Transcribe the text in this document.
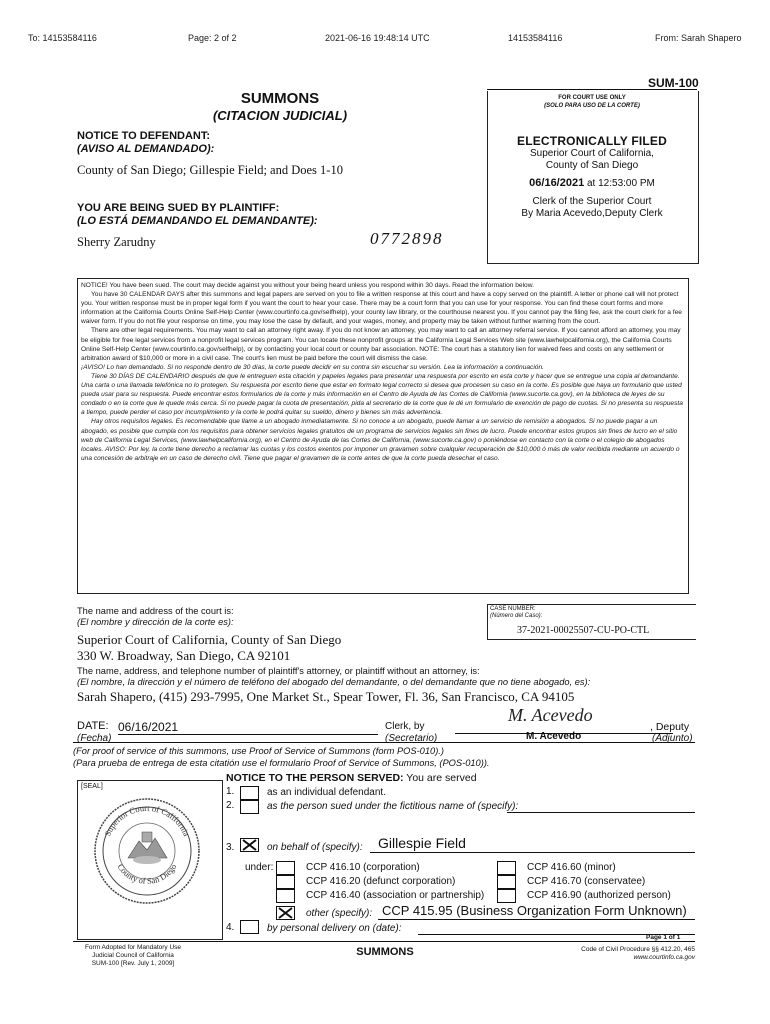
To: 14153584116	Page: 2 of 2	2021-06-16 19:48:14 UTC	14153584116	From: Sarah Shapero
SUM-100
SUMMONS
(CITACION JUDICIAL)
FOR COURT USE ONLY
(SOLO PARA USO DE LA CORTE)
ELECTRONICALLY FILED
Superior Court of California,
County of San Diego
06/16/2021 at 12:53:00 PM
Clerk of the Superior Court
By Maria Acevedo,Deputy Clerk
NOTICE TO DEFENDANT:
(AVISO AL DEMANDADO):
County of San Diego; Gillespie Field; and Does 1-10
YOU ARE BEING SUED BY PLAINTIFF:
(LO ESTÁ DEMANDANDO EL DEMANDANTE):
Sherry Zarudny	0772898

NOTICE! You have been sued. The court may decide against you without your being heard unless you respond within 30 days. Read the information below.

You have 30 CALENDAR DAYS after this summons and legal papers are served on you to file a written response at this court and have a copy served on the plaintiff. A letter or phone call will not protect you. Your written response must be in proper legal form if you want the court to hear your case. There may be a court form that you can use for your response. You can find these court forms and more information at the California Courts Online Self-Help Center (www.courtinfo.ca.gov/selfhelp), your county law library, or the courthouse nearest you. If you cannot pay the filing fee, ask the court clerk for a fee waiver form. If you do not file your response on time, you may lose the case by default, and your wages, money, and property may be taken without further warning from the court.

There are other legal requirements. You may want to call an attorney right away. If you do not know an attorney, you may want to call an attorney referral service. If you cannot afford an attorney, you may be eligible for free legal services from a nonprofit legal services program. You can locate these nonprofit groups at the California Legal Services Web site (www.lawhelpcalifornia.org), the California Courts Online Self-Help Center (www.courtinfo.ca.gov/selfhelp), or by contacting your local court or county bar association. NOTE: The court has a statutory lien for waived fees and costs on any settlement or arbitration award of $10,000 or more in a civil case. The court's lien must be paid before the court will dismiss the case.

¡AVISO! Lo han demandado. Si no responde dentro de 30 días, la corte puede decidir en su contra sin escuchar su versión. Lea la información a continuación.

Tiene 30 DÍAS DE CALENDARIO después de que le entreguen esta citación y papeles legales para presentar una respuesta por escrito en esta corte y hacer que se entregue una copia al demandante. Una carta o una llamada telefónica no lo protegen. Su respuesta por escrito tiene que estar en formato legal correcto si desea que procesen su caso en la corte. Es posible que haya un formulario que usted pueda usar para su respuesta. Puede encontrar estos formularios de la corte y más información en el Centro de Ayuda de las Cortes de California (www.sucorte.ca.gov), en la biblioteca de leyes de su condado o en la corte que le quede más cerca. Si no puede pagar la cuota de presentación, pida al secretario de la corte que le dé un formulario de exención de pago de cuotas. Si no presenta su respuesta a tiempo, puede perder el caso por incumplimiento y la corte le podrá quitar su sueldo, dinero y bienes sin más advertencia.

Hay otros requisitos legales. Es recomendable que llame a un abogado inmediatamente. Si no conoce a un abogado, puede llamar a un servicio de remisión a abogados. Si no puede pagar a un abogado, es posible que cumpla con los requisitos para obtener servicios legales gratuitos de un programa de servicios legales sin fines de lucro. Puede encontrar estos grupos sin fines de lucro en el sitio web de California Legal Services, (www.lawhelpcalifornia.org), en el Centro de Ayuda de las Cortes de California, (www.sucorte.ca.gov) o poniéndose en contacto con la corte o el colegio de abogados locales. AVISO: Por ley, la corte tiene derecho a reclamar las cuotas y los costos exentos por imponer un gravamen sobre cualquier recuperación de $10,000 ó más de valor recibida mediante un acuerdo o una concesión de arbitraje en un caso de derecho civil. Tiene que pagar el gravamen de la corte antes de que la corte pueda desechar el caso.

The name and address of the court is:
(El nombre y dirección de la corte es):
Superior Court of California, County of San Diego
330 W. Broadway, San Diego, CA 92101
CASE NUMBER:
(Número del Caso):
37-2021-00025507-CU-PO-CTL
The name, address, and telephone number of plaintiff's attorney, or plaintiff without an attorney, is:
(El nombre, la dirección y el número de teléfono del abogado del demandante, o del demandante que no tiene abogado, es):
Sarah Shapero, (415) 293-7995, One Market St., Spear Tower, Fl. 36, San Francisco, CA 94105
DATE:
(Fecha)
06/16/2021	Clerk, by
(Secretario)
M. Acevedo
M. Acevedo
, Deputy
(Adjunto)
(For proof of service of this summons, use Proof of Service of Summons (form POS-010).)
(Para prueba de entrega de esta citatión use el formulario Proof of Service of Summons, (POS-010)).
[SEAL]
Superior Court of California
County of San Diego
NOTICE TO THE PERSON SERVED: You are served
1.	as an individual defendant.
2.	as the person sued under the fictitious name of (specify):
3.	on behalf of (specify): Gillespie Field
under:	CCP 416.10 (corporation)
CCP 416.20 (defunct corporation)
CCP 416.40 (association or partnership)
CCP 416.60 (minor)
CCP 416.70 (conservatee)
CCP 416.90 (authorized person)
other (specify): CCP 415.95 (Business Organization Form Unknown)
4.	by personal delivery on (date):
Page 1 of 1
Form Adopted for Mandatory Use
Judicial Council of California
SUM-100 [Rev. July 1, 2009]
SUMMONS	Code of Civil Procedure §§ 412.20, 465
www.courtinfo.ca.gov
